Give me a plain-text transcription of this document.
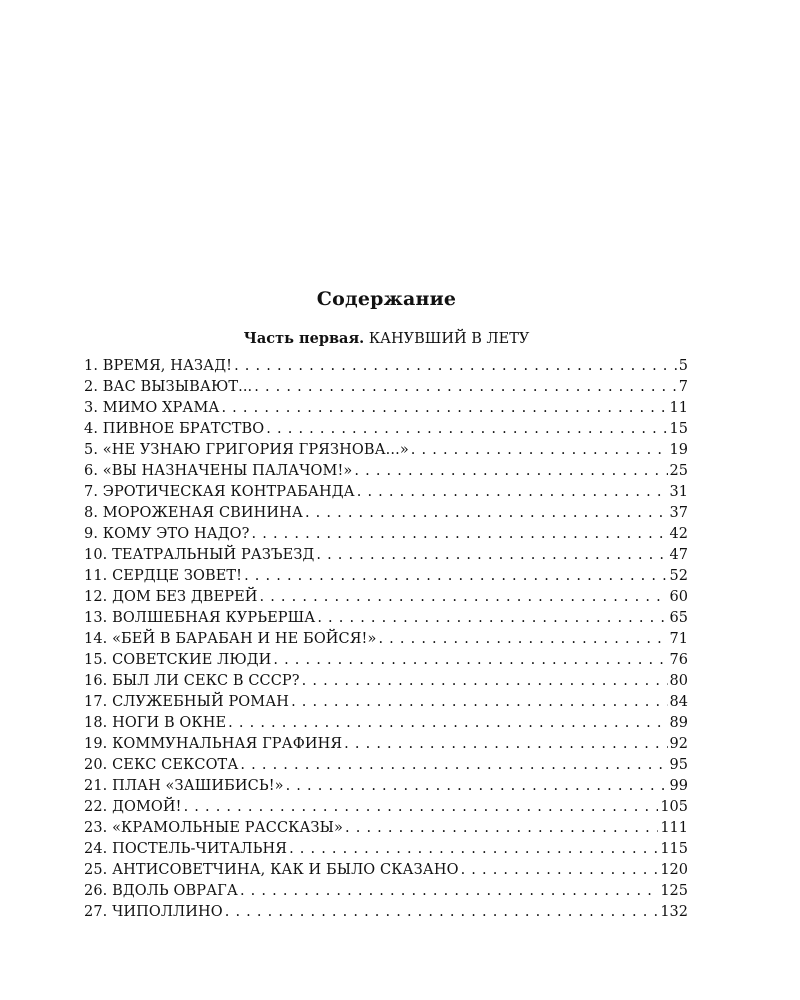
Содержание
Часть первая. КАНУВШИЙ В ЛЕТУ
1. ВРЕМЯ, НАЗАД! . . .	5
2. ВАС ВЫЗЫВАЮТ... . . .	7
3. МИМО ХРАМА . . .	11
4. ПИВНОЕ БРАТСТВО . . .	15
5. «НЕ УЗНАЮ ГРИГОРИЯ ГРЯЗНОВА...» . . .	19
6. «ВЫ НАЗНАЧЕНЫ ПАЛАЧОМ!» . . .	25
7. ЭРОТИЧЕСКАЯ КОНТРАБАНДА . . .	31
8. МОРОЖЕНАЯ СВИНИНА . . .	37
9. КОМУ ЭТО НАДО? . . .	42
10. ТЕАТРАЛЬНЫЙ РАЗЪЕЗД . . .	47
11. СЕРДЦЕ ЗОВЕТ! . . .	52
12. ДОМ БЕЗ ДВЕРЕЙ . . .	60
13. ВОЛШЕБНАЯ КУРЬЕРША . . .	65
14. «БЕЙ В БАРАБАН И НЕ БОЙСЯ!» . . .	71
15. СОВЕТСКИЕ ЛЮДИ . . .	76
16. БЫЛ ЛИ СЕКС В СССР? . . .	80
17. СЛУЖЕБНЫЙ РОМАН . . .	84
18. НОГИ В ОКНЕ . . .	89
19. КОММУНАЛЬНАЯ ГРАФИНЯ . . .	92
20. СЕКС СЕКСОТА . . .	95
21. ПЛАН «ЗАШИБИСЬ!» . . .	99
22. ДОМОЙ! . . .	105
23. «КРАМОЛЬНЫЕ РАССКАЗЫ» . . .	111
24. ПОСТЕЛЬ-ЧИТАЛЬНЯ . . .	115
25. АНТИСОВЕТЧИНА, КАК И БЫЛО СКАЗАНО . . .	120
26. ВДОЛЬ ОВРАГА . . .	125
27. ЧИПОЛЛИНО . . .	132
